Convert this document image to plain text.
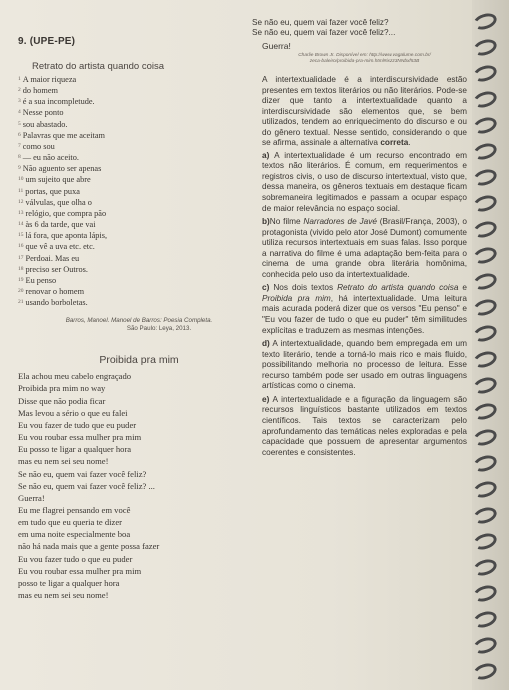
9. (UPE-PE)

Retrato do artista quando coisa

$^1$ A maior riqueza
$^2$ do homem
$^3$ é a sua incompletude.
$^4$ Nesse ponto
$^5$ sou abastado.
$^6$ Palavras que me aceitam
$^7$ como sou
$^8$ — eu não aceito.
$^9$ Não aguento ser apenas
$^{10}$ um sujeito que abre
$^{11}$ portas, que puxa
$^{12}$ válvulas, que olha o
$^{13}$ relógio, que compra pão
$^{14}$ às 6 da tarde, que vai
$^{15}$ lá fora, que aponta lápis,
$^{16}$ que vê a uva etc. etc.
$^{17}$ Perdoai. Mas eu
$^{18}$ preciso ser Outros.
$^{19}$ Eu penso
$^{20}$ renovar o homem
$^{21}$ usando borboletas.
Barros, Manoel. Manoel de Barros: Poesia Completa.
São Paulo: Leya, 2013.

Proibida pra mim

Ela achou meu cabelo engraçado
Proibida pra mim no way
Disse que não podia ficar
Mas levou a sério o que eu falei
Eu vou fazer de tudo que eu puder
Eu vou roubar essa mulher pra mim
Eu posso te ligar a qualquer hora
mas eu nem sei seu nome!
Se não eu, quem vai fazer você feliz?
Se não eu, quem vai fazer você feliz? ...
Guerra!
Eu me flagrei pensando em você
em tudo que eu queria te dizer
em uma noite especialmente boa
não há nada mais que a gente possa fazer
Eu vou fazer tudo o que eu puder
Eu vou roubar essa mulher pra mim
posso te ligar a qualquer hora
mas eu nem sei seu nome!
Se não eu, quem vai fazer você feliz?
Se não eu, quem vai fazer você feliz?...
Guerra!
Charlie Brown Jr. Disponível em: http://www.vagalume.com.br/
zeca-baleiro/proibida-pra-mim.html#ixzz3NNbxf53B

A intertextualidade é a interdiscursividade estão presentes em textos literários ou não literários. Pode-se dizer que tanto a intertextualidade quanto a interdiscursividade são elementos que, se bem utilizados, tendem ao enriquecimento do discurso e ou do gênero textual. Nesse sentido, considerando o que se afirma, assinale a alternativa correta.

a) A intertextualidade é um recurso encontrado em textos não literários. É comum, em requerimentos e registros civis, o uso de discurso intertextual, visto que, dessa maneira, os gêneros textuais em destaque ficam sobremaneira legitimados e passam a ocupar espaço de maior relevância no espaço social.

b)No filme Narradores de Javé (Brasil/França, 2003), o protagonista (vivido pelo ator José Dumont) comumente utiliza recursos intertextuais em suas falas. Isso porque a narrativa do filme é uma adaptação bem-feita para o cinema de uma grande obra literária homônima, conhecida pelo uso da intertextualidade.

c) Nos dois textos Retrato do artista quando coisa e Proibida pra mim, há intertextualidade. Uma leitura mais acurada poderá dizer que os versos "Eu penso" e "Eu vou fazer de tudo o que eu puder" têm similitudes explícitas e traduzem as mesmas intenções.

d) A intertextualidade, quando bem empregada em um texto literário, tende a torná-lo mais rico e mais fluido, possibilitando melhoria no processo de leitura. Esse recurso também pode ser usado em outras linguagens artísticas como o cinema.

e) A intertextualidade e a figuração da linguagem são recursos linguísticos bastante utilizados em textos científicos. Tais textos se caracterizam pelo aprofundamento das temáticas neles exploradas e pela capacidade que possuem de apresentar argumentos coerentes e consistentes.
